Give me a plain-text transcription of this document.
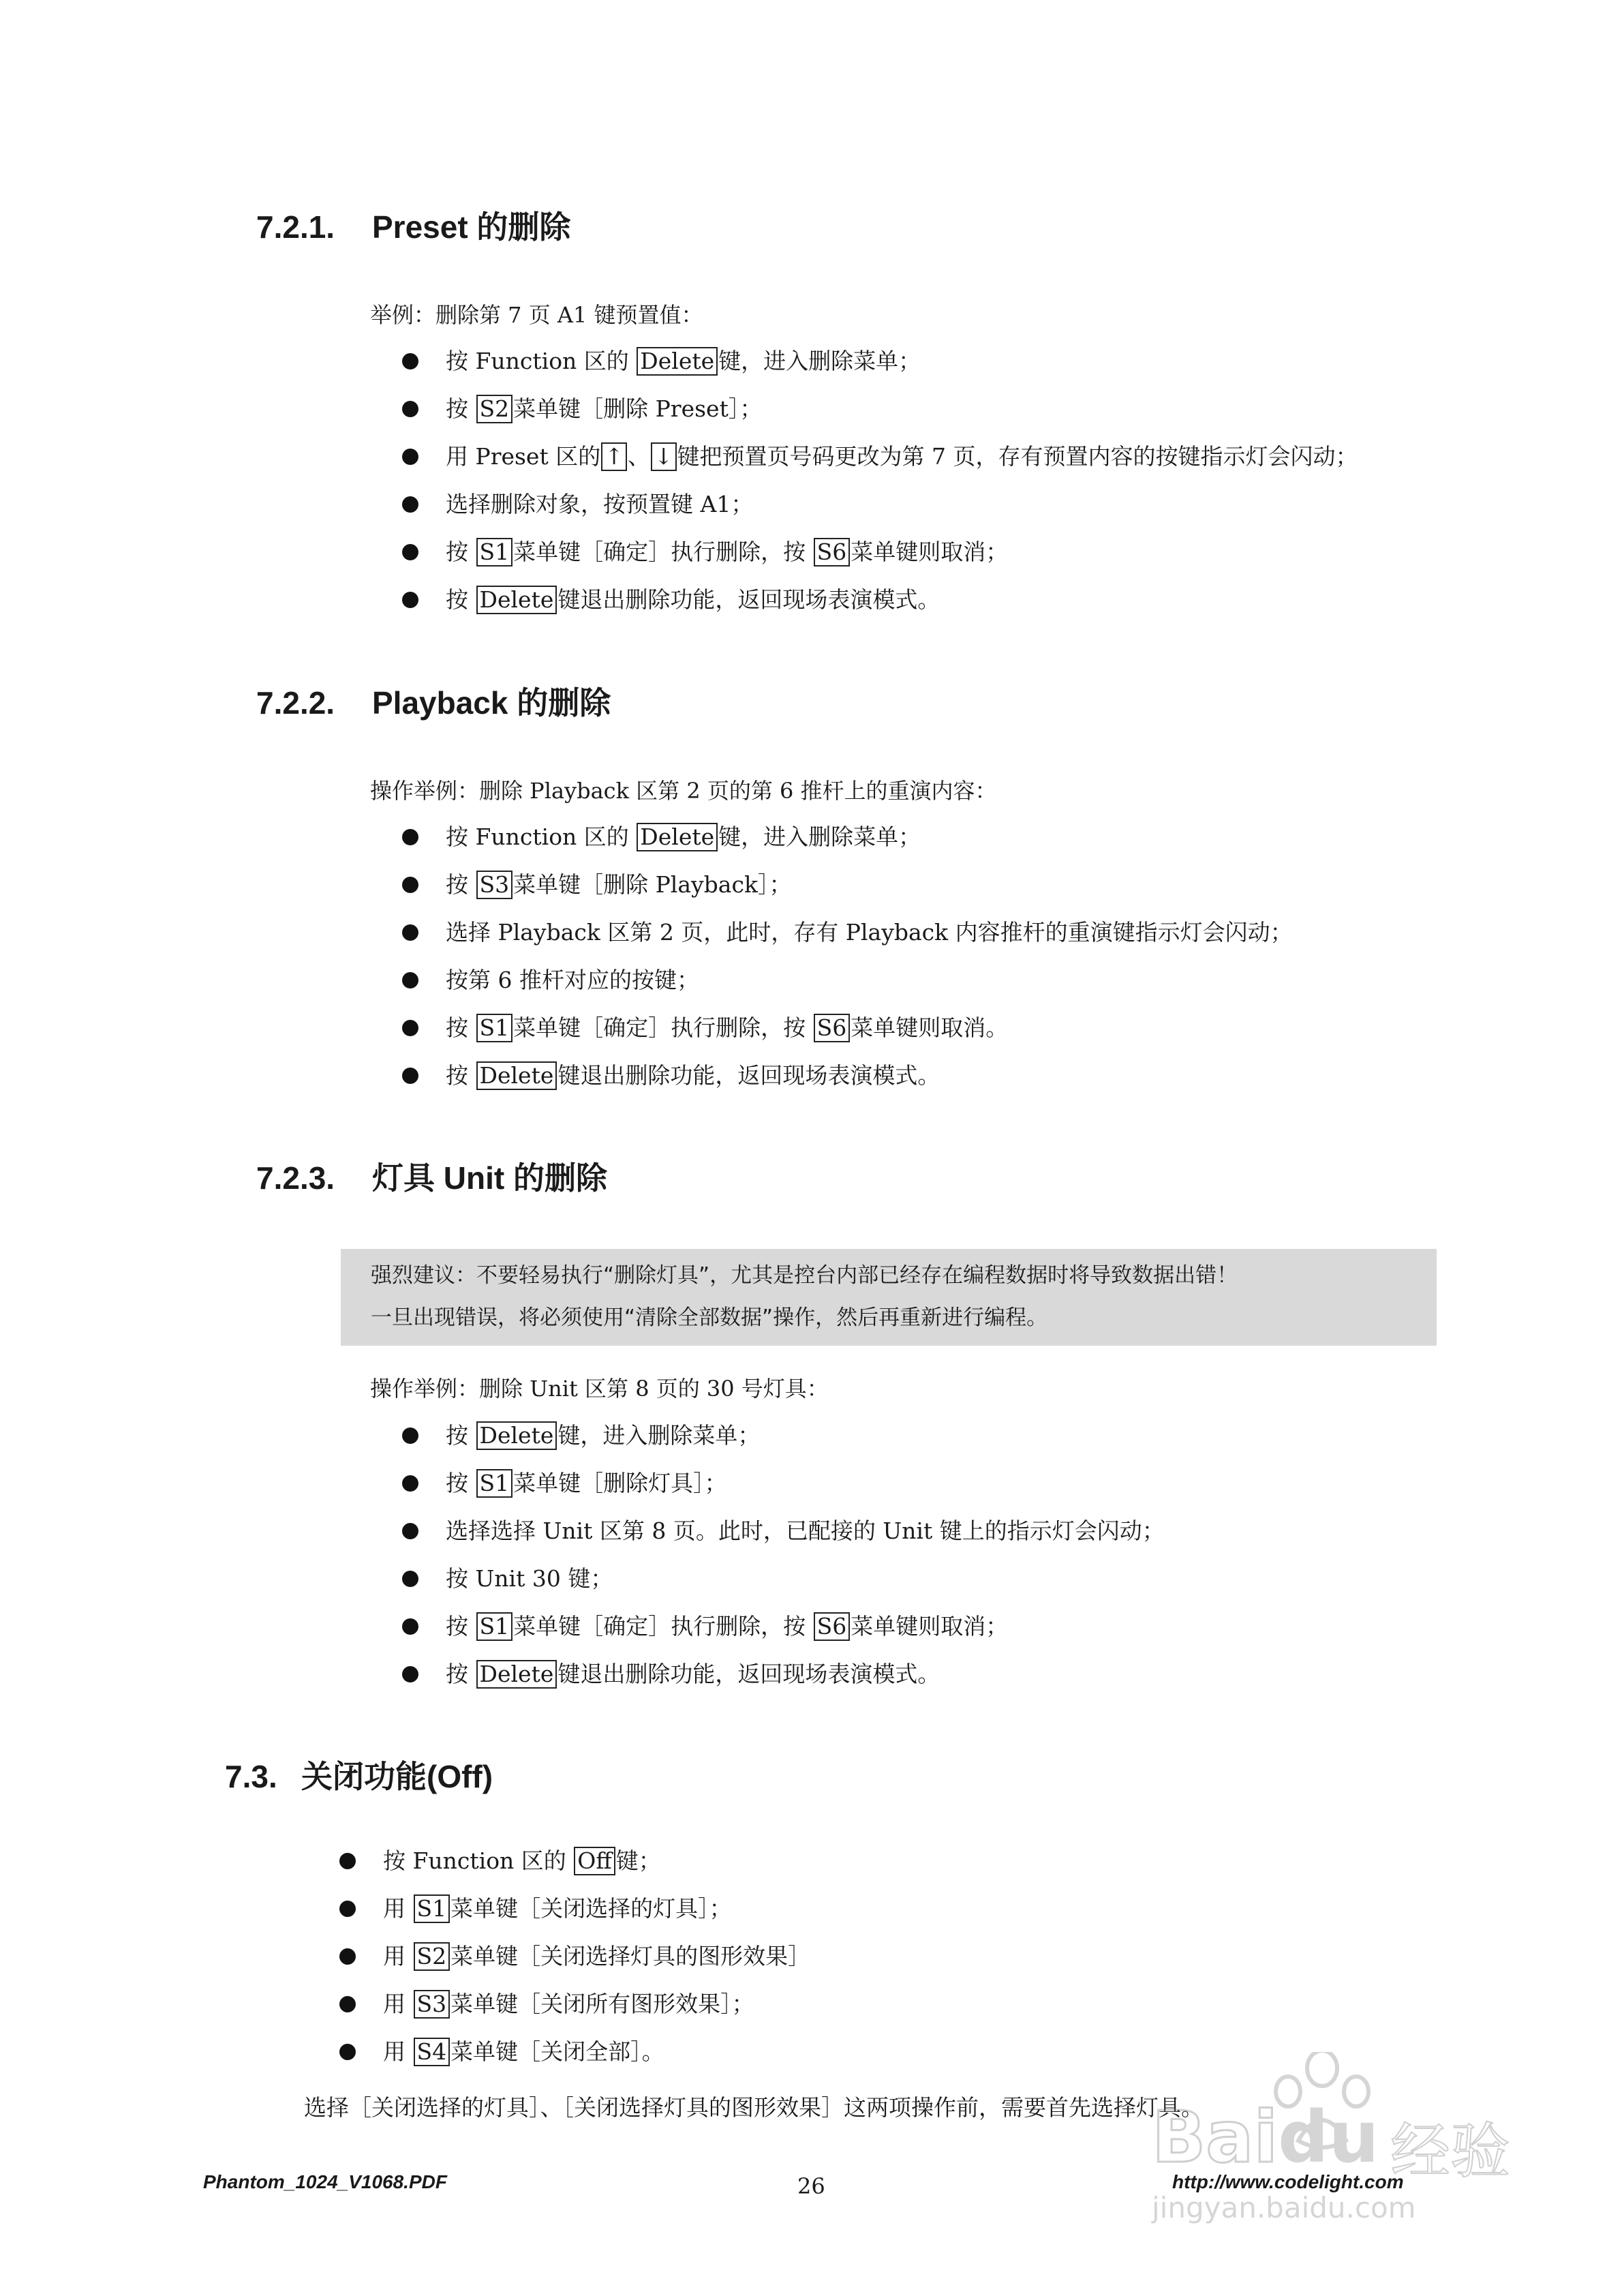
7.2.1. Preset 的删除
举例：删除第 7 页 A1 键预置值：
按 Function 区的 Delete 键，进入删除菜单；
按 S2 菜单键［删除 Preset］；
用 Preset 区的 ↑ 、 ↓ 键把预置页号码更改为第 7 页，存有预置内容的按键指示灯会闪动；
选择删除对象，按预置键 A1；
按 S1 菜单键［确定］执行删除，按 S6 菜单键则取消；
按 Delete 键退出删除功能，返回现场表演模式。
7.2.2. Playback 的删除
操作举例：删除 Playback 区第 2 页的第 6 推杆上的重演内容：
按 Function 区的 Delete 键，进入删除菜单；
按 S3 菜单键［删除 Playback］；
选择 Playback 区第 2 页，此时，存有 Playback 内容推杆的重演键指示灯会闪动；
按第 6 推杆对应的按键；
按 S1 菜单键［确定］执行删除，按 S6 菜单键则取消。
按 Delete 键退出删除功能，返回现场表演模式。
7.2.3. 灯具 Unit 的删除
强烈建议：不要轻易执行“删除灯具”，尤其是控台内部已经存在编程数据时将导致数据出错！
一旦出现错误，将必须使用“清除全部数据”操作，然后再重新进行编程。
操作举例：删除 Unit 区第 8 页的 30 号灯具：
按 Delete 键，进入删除菜单；
按 S1 菜单键［删除灯具］；
选择选择 Unit 区第 8 页。此时，已配接的 Unit 键上的指示灯会闪动；
按 Unit 30 键；
按 S1 菜单键［确定］执行删除，按 S6 菜单键则取消；
按 Delete 键退出删除功能，返回现场表演模式。
7.3. 关闭功能(Off)
按 Function 区的 Off 键；
用 S1 菜单键［关闭选择的灯具］；
用 S2 菜单键［关闭选择灯具的图形效果］
用 S3 菜单键［关闭所有图形效果］；
用 S4 菜单键［关闭全部］。
选择［关闭选择的灯具］、［关闭选择灯具的图形效果］这两项操作前，需要首先选择灯具。
Baidu 经验
jingyan.baidu.com
Phantom_1024_V1068.PDF	26	http://www.codelight.com
